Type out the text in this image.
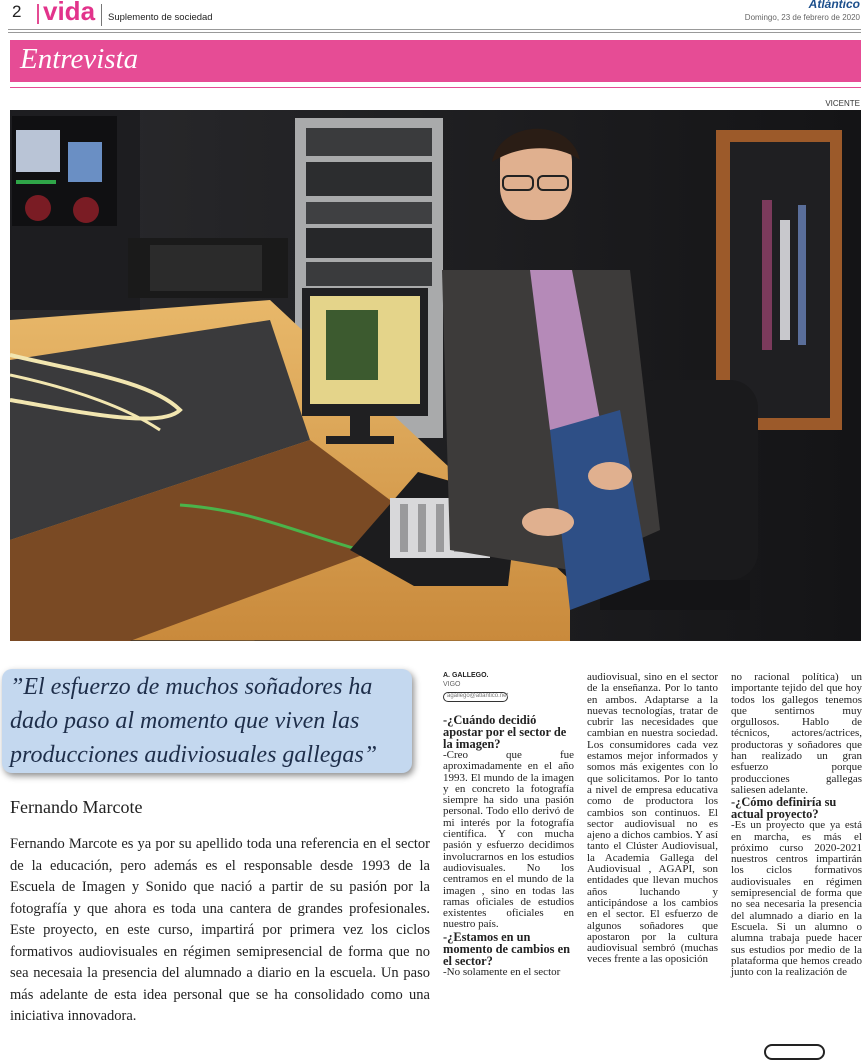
2 vida Suplemento de sociedad
Atlántico
Domingo, 23 de febrero de 2020
Entrevista
VICENTE
”El esfuerzo de muchos soñadores ha dado paso al momento que viven las producciones audiviosuales gallegas”
Fernando Marcote
Fernando Marcote es ya por su apellido toda una referencia en el sector de la educación, pero además es el responsable desde 1993 de la Escuela de Imagen y Sonido que nació a partir de su pasión por la fotografía y que ahora es toda una cantera de grandes profesionales. Este proyecto, en este curso, impartirá por primera vez los ciclos formativos audiovisuales en régimen semipresencial de forma que no sea necesaia la presencia del alumnado a diario en la escuela. Un paso más adelante de esta idea personal que se ha consolidado como una iniciativa innovadora.
A. GALLEGO.
VIGO
agallego@atlantico.net

-¿Cuándo decidió apostar por el sector de la imagen?

-Creo que fue aproximadamente en el año 1993. El mundo de la imagen y en concreto la fotografía siempre ha sido una pasión personal. Todo ello derivó de mi interés por la fotografía científica. Y con mucha pasión y esfuerzo decidimos involucrarnos en los estudios audiovisuales. No los centramos en el mundo de la imagen , sino en todas las ramas oficiales de estudios existentes oficiales en nuestro país.

-¿Estamos en un momento de cambios en el sector?

-No solamente en el sector

audiovisual, sino en el sector de la enseñanza. Por lo tanto en ambos. Adaptarse a la nuevas tecnologías, tratar de cubrir las necesidades que cambian en nuestra sociedad. Los consumidores cada vez estamos mejor informados y somos más exigentes con lo que solicitamos. Por lo tanto a nivel de empresa educativa como de productora los cambios son continuos. El sector audiovisual no es ajeno a dichos cambios. Y así tanto el Clúster Audiovisual, la Academia Gallega del Audiovisual , AGAPI, son entidades que llevan muchos años luchando y anticipándose a los cambios en el sector. El esfuerzo de algunos soñadores que apostaron por la cultura audiovisual sembró (muchas veces frente a las oposición

no racional política) un importante tejido del que hoy todos los gallegos tenemos que sentirnos muy orgullosos. Hablo de técnicos, actores/actrices, productoras y soñadores que han realizado un gran esfuerzo porque producciones gallegas saliesen adelante.

-¿Cómo definiría su actual proyecto?

-Es un proyecto que ya está en marcha, es más el próximo curso 2020-2021 nuestros centros impartirán los ciclos formativos audiovisuales en régimen semipresencial de forma que no sea necesaria la presencia del alumnado a diario en la Escuela. Si un alumno o alumna trabaja puede hacer sus estudios por medio de la plataforma que hemos creado junto con la realización de
